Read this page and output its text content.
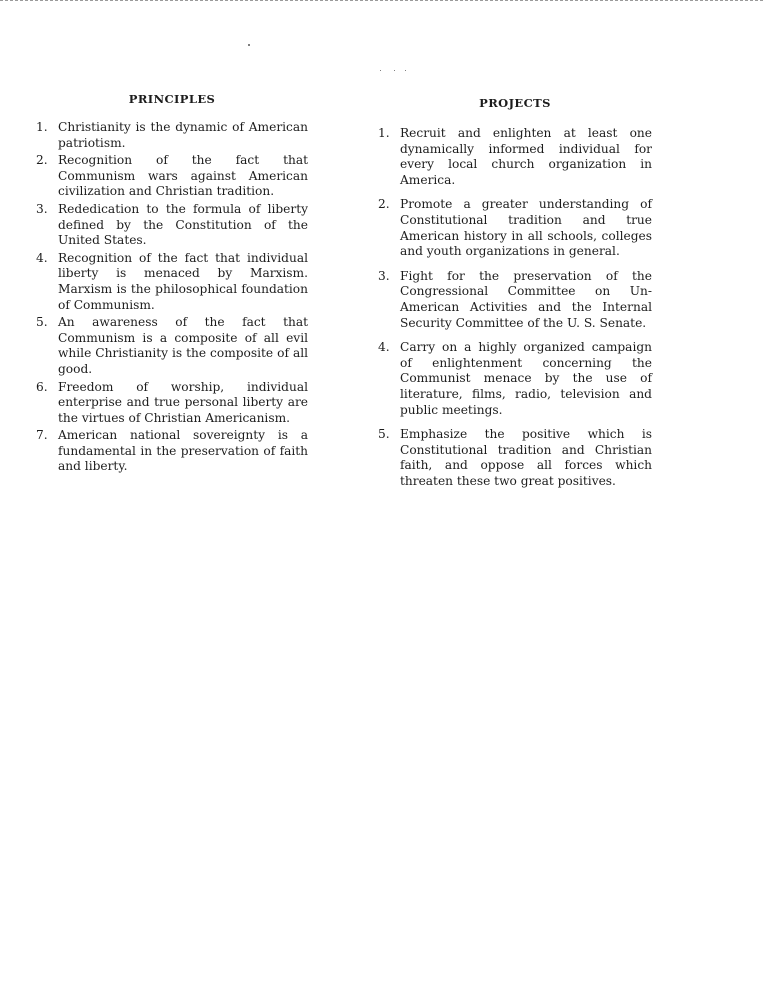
PRINCIPLES
1. Christianity is the dynamic of American patriotism.
2. Recognition of the fact that Communism wars against American civilization and Christian tradition.
3. Rededication to the formula of liberty defined by the Constitution of the United States.
4. Recognition of the fact that individual liberty is menaced by Marxism. Marxism is the philosophical foundation of Communism.
5. An awareness of the fact that Communism is a composite of all evil while Christianity is the composite of all good.
6. Freedom of worship, individual enterprise and true personal liberty are the virtues of Christian Americanism.
7. American national sovereignty is a fundamental in the preservation of faith and liberty.
PROJECTS
1. Recruit and enlighten at least one dynamically informed individual for every local church organization in America.
2. Promote a greater understanding of Constitutional tradition and true American history in all schools, colleges and youth organizations in general.
3. Fight for the preservation of the Congressional Committee on Un-American Activities and the Internal Security Committee of the U. S. Senate.
4. Carry on a highly organized campaign of enlightenment concerning the Communist menace by the use of literature, films, radio, television and public meetings.
5. Emphasize the positive which is Constitutional tradition and Christian faith, and oppose all forces which threaten these two great positives.
